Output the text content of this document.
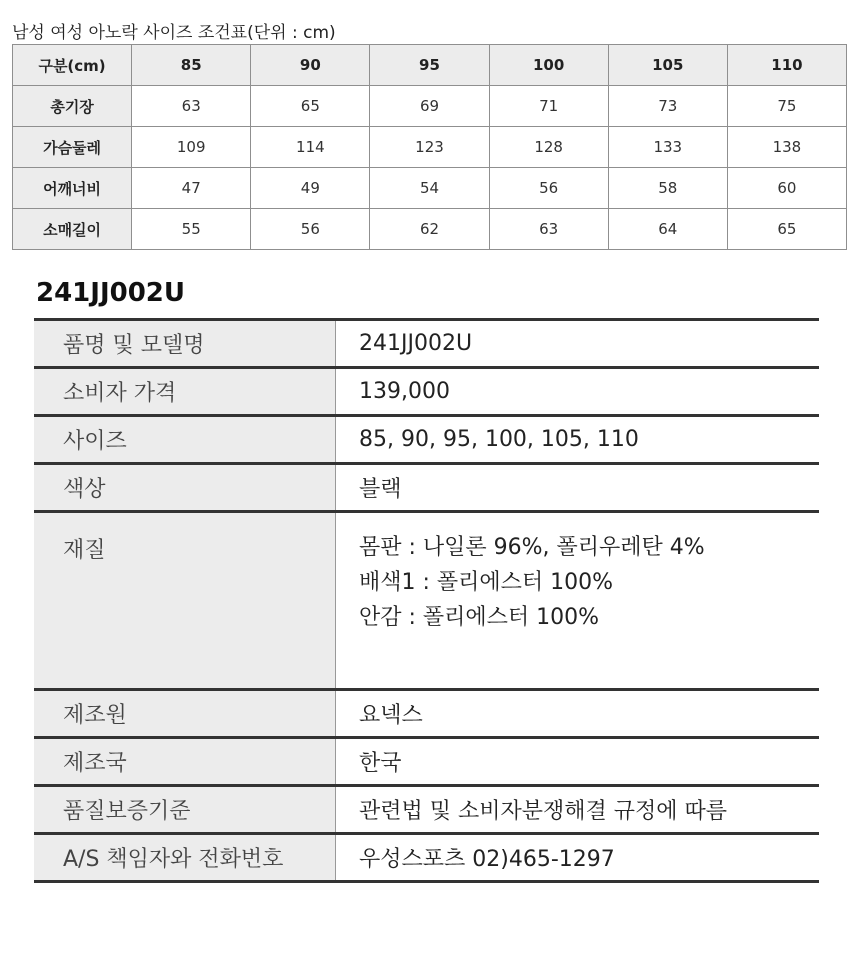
남성 여성 아노락 사이즈 조건표(단위 : cm)
구분(cm)	85	90	95	100	105	110
총기장	63	65	69	71	73	75
가슴둘레	109	114	123	128	133	138
어깨너비	47	49	54	56	58	60
소매길이	55	56	62	63	64	65
241JJ002U
품명 및 모델명	241JJ002U
소비자 가격	139,000
사이즈	85, 90, 95, 100, 105, 110
색상	블랙
재질	몸판 : 나일론 96%, 폴리우레탄 4%
배색1 : 폴리에스터 100%
안감 : 폴리에스터 100%
제조원	요넥스
제조국	한국
품질보증기준	관련법 및 소비자분쟁해결 규정에 따름
A/S 책임자와 전화번호	우성스포츠 02)465-1297
